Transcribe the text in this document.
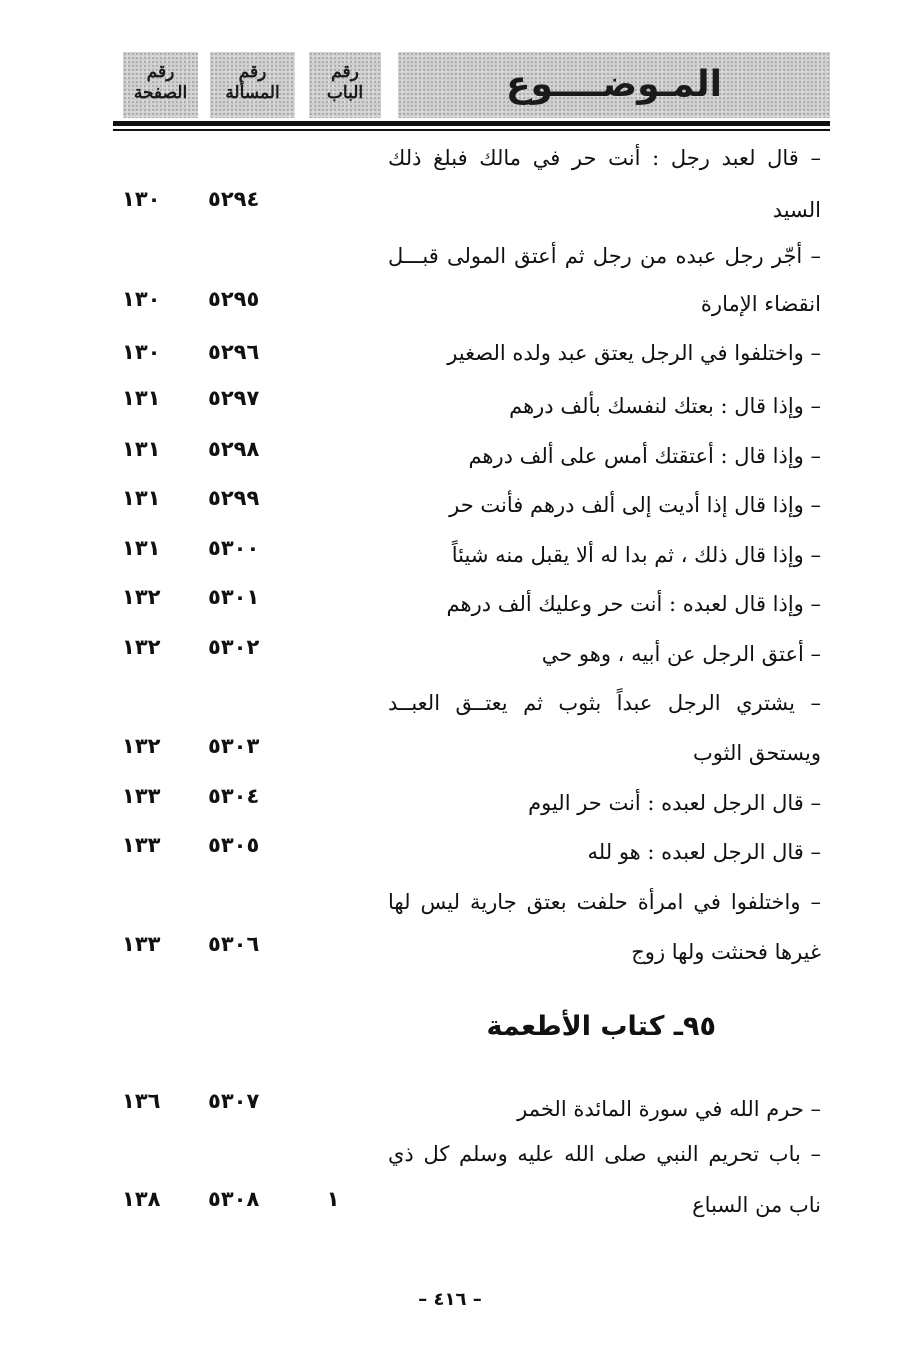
رقم
الصفحة
رقم
المسألة
رقم
الباب	المـوضــــوع
– قال لعبد رجل : أنت حر في مالك فبلغ ذلك
السيد
٥٢٩٤
١٣٠
– أجّر رجل عبده من رجل ثم أعتق المولى قبـــل
انقضاء الإمارة
٥٢٩٥
١٣٠
– واختلفوا في الرجل يعتق عبد ولده الصغير
٥٢٩٦
١٣٠
– وإذا قال : بعتك لنفسك بألف درهم
٥٢٩٧
١٣١
– وإذا قال : أعتقتك أمس على ألف درهم
٥٢٩٨
١٣١
– وإذا قال إذا أديت إلى ألف درهم فأنت حر
٥٢٩٩
١٣١
– وإذا قال ذلك ، ثم بدا له ألا يقبل منه شيئاً
٥٣٠٠
١٣١
– وإذا قال لعبده : أنت حر وعليك ألف درهم
٥٣٠١
١٣٢
– أعتق الرجل عن أبيه ، وهو حي
٥٣٠٢
١٣٢
– يشتري الرجل عبداً بثوب ثم يعتــق العبــد
ويستحق الثوب
٥٣٠٣
١٣٢
– قال الرجل لعبده : أنت حر اليوم
٥٣٠٤
١٣٣
– قال الرجل لعبده : هو لله
٥٣٠٥
١٣٣
– واختلفوا في امرأة حلفت بعتق جارية ليس لها
غيرها فحنثت ولها زوج
٥٣٠٦
١٣٣
٩٥ـ كتاب الأطعمة
– حرم الله في سورة المائدة الخمر
٥٣٠٧
١٣٦
– باب تحريم النبي صلى الله عليه وسلم كل ذي
ناب من السباع
١
٥٣٠٨
١٣٨
– ٤١٦ –
